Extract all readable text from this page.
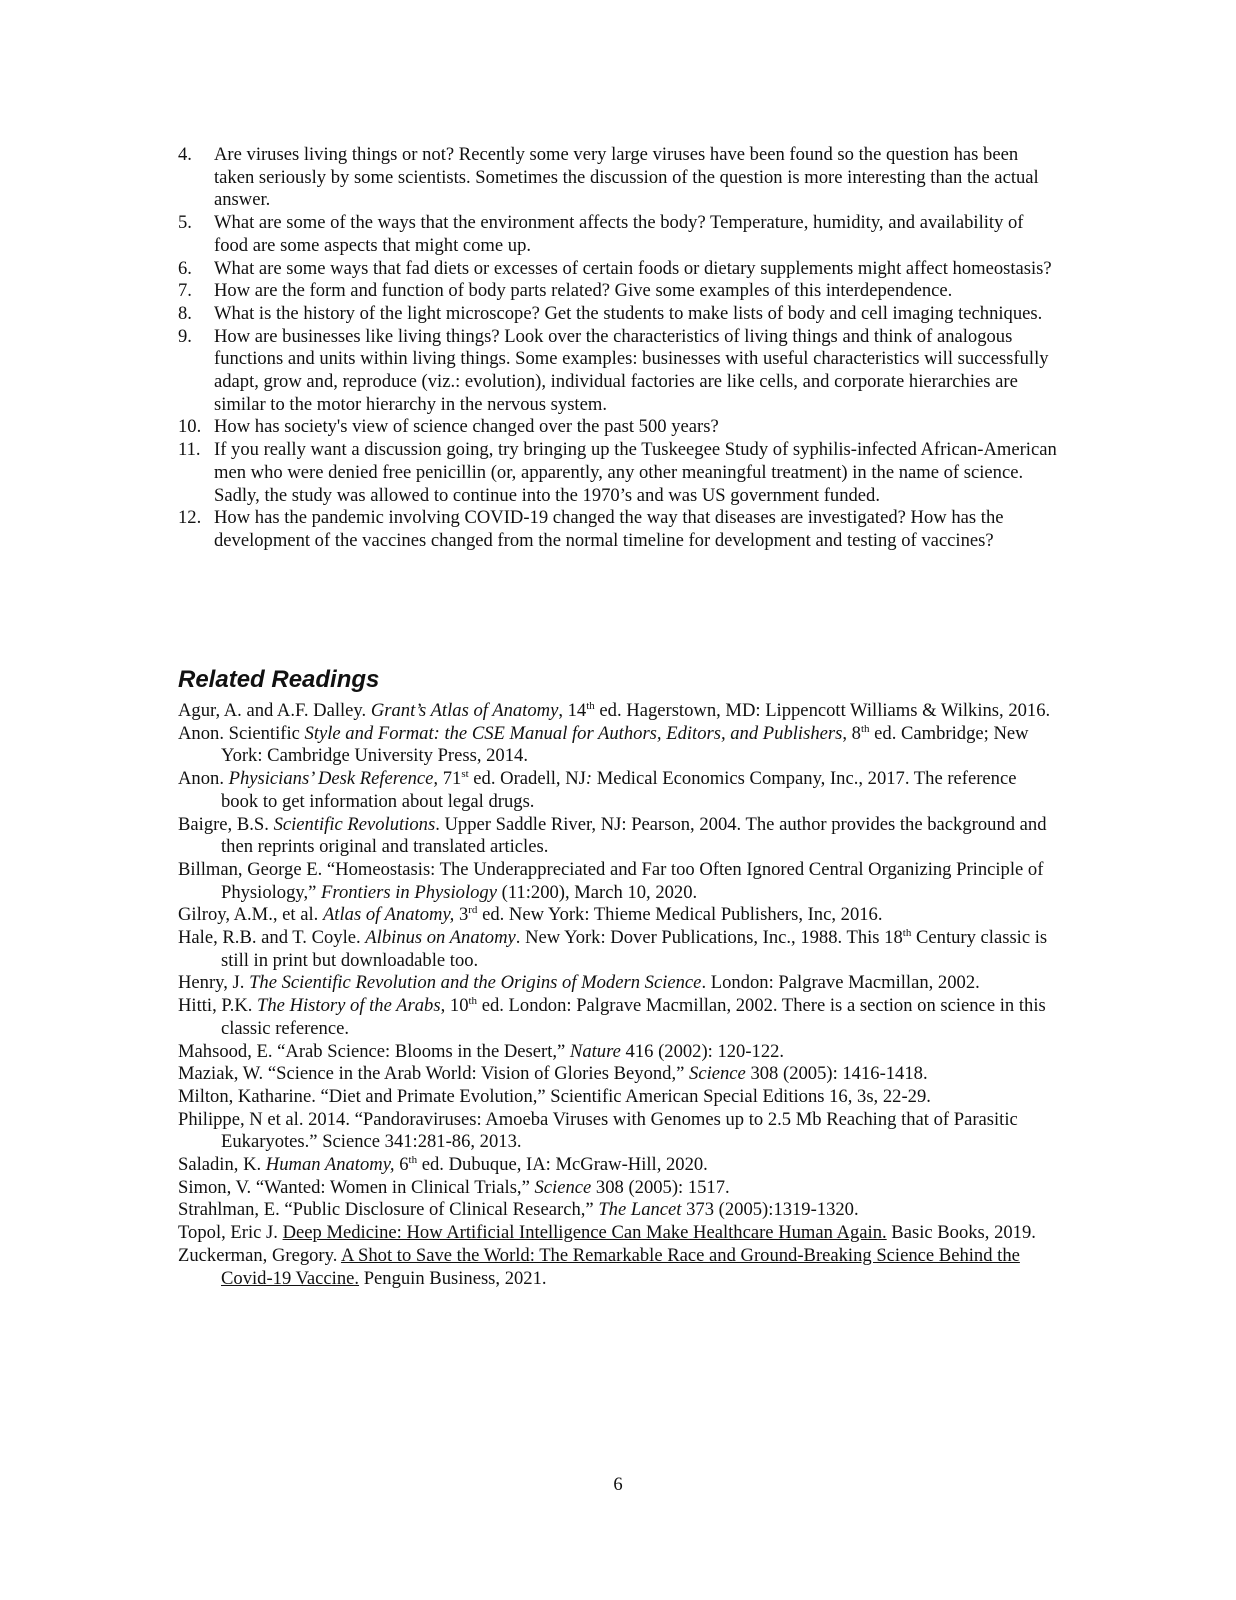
4.	Are viruses living things or not? Recently some very large viruses have been found so the question has been taken seriously by some scientists. Sometimes the discussion of the question is more interesting than the actual answer.
5.	What are some of the ways that the environment affects the body? Temperature, humidity, and availability of food are some aspects that might come up.
6.	What are some ways that fad diets or excesses of certain foods or dietary supplements might affect homeostasis?
7.	How are the form and function of body parts related? Give some examples of this interdependence.
8.	What is the history of the light microscope? Get the students to make lists of body and cell imaging techniques.
9.	How are businesses like living things? Look over the characteristics of living things and think of analogous functions and units within living things. Some examples: businesses with useful characteristics will successfully adapt, grow and, reproduce (viz.: evolution), individual factories are like cells, and corporate hierarchies are similar to the motor hierarchy in the nervous system.
10. How has society's view of science changed over the past 500 years?
11. If you really want a discussion going, try bringing up the Tuskeegee Study of syphilis-infected African-American men who were denied free penicillin (or, apparently, any other meaningful treatment) in the name of science. Sadly, the study was allowed to continue into the 1970’s and was US government funded.
12. How has the pandemic involving COVID-19 changed the way that diseases are investigated? How has the development of the vaccines changed from the normal timeline for development and testing of vaccines?
Related Readings

Agur, A. and A.F. Dalley. Grant’s Atlas of Anatomy, 14th ed. Hagerstown, MD: Lippencott Williams & Wilkins, 2016.

Anon. Scientific Style and Format: the CSE Manual for Authors, Editors, and Publishers, 8th ed. Cambridge; New York: Cambridge University Press, 2014.

Anon. Physicians’ Desk Reference, 71st ed. Oradell, NJ: Medical Economics Company, Inc., 2017. The reference book to get information about legal drugs.

Baigre, B.S. Scientific Revolutions. Upper Saddle River, NJ: Pearson, 2004. The author provides the background and then reprints original and translated articles.

Billman, George E. “Homeostasis: The Underappreciated and Far too Often Ignored Central Organizing Principle of Physiology,” Frontiers in Physiology (11:200), March 10, 2020.

Gilroy, A.M., et al. Atlas of Anatomy, 3rd ed. New York: Thieme Medical Publishers, Inc, 2016.

Hale, R.B. and T. Coyle. Albinus on Anatomy. New York: Dover Publications, Inc., 1988. This 18th Century classic is still in print but downloadable too.

Henry, J. The Scientific Revolution and the Origins of Modern Science. London: Palgrave Macmillan, 2002.

Hitti, P.K. The History of the Arabs, 10th ed. London: Palgrave Macmillan, 2002. There is a section on science in this classic reference.

Mahsood, E. “Arab Science: Blooms in the Desert,” Nature 416 (2002): 120-122.

Maziak, W. “Science in the Arab World: Vision of Glories Beyond,” Science 308 (2005): 1416-1418.

Milton, Katharine. “Diet and Primate Evolution,” Scientific American Special Editions 16, 3s, 22-29.

Philippe, N et al. 2014. “Pandoraviruses: Amoeba Viruses with Genomes up to 2.5 Mb Reaching that of Parasitic Eukaryotes.” Science 341:281-86, 2013.

Saladin, K. Human Anatomy, 6th ed. Dubuque, IA: McGraw-Hill, 2020.

Simon, V. “Wanted: Women in Clinical Trials,” Science 308 (2005): 1517.

Strahlman, E. “Public Disclosure of Clinical Research,” The Lancet 373 (2005):1319-1320.

Topol, Eric J. Deep Medicine: How Artificial Intelligence Can Make Healthcare Human Again. Basic Books, 2019.

Zuckerman, Gregory. A Shot to Save the World: The Remarkable Race and Ground-Breaking Science Behind the Covid-19 Vaccine. Penguin Business, 2021.

6
